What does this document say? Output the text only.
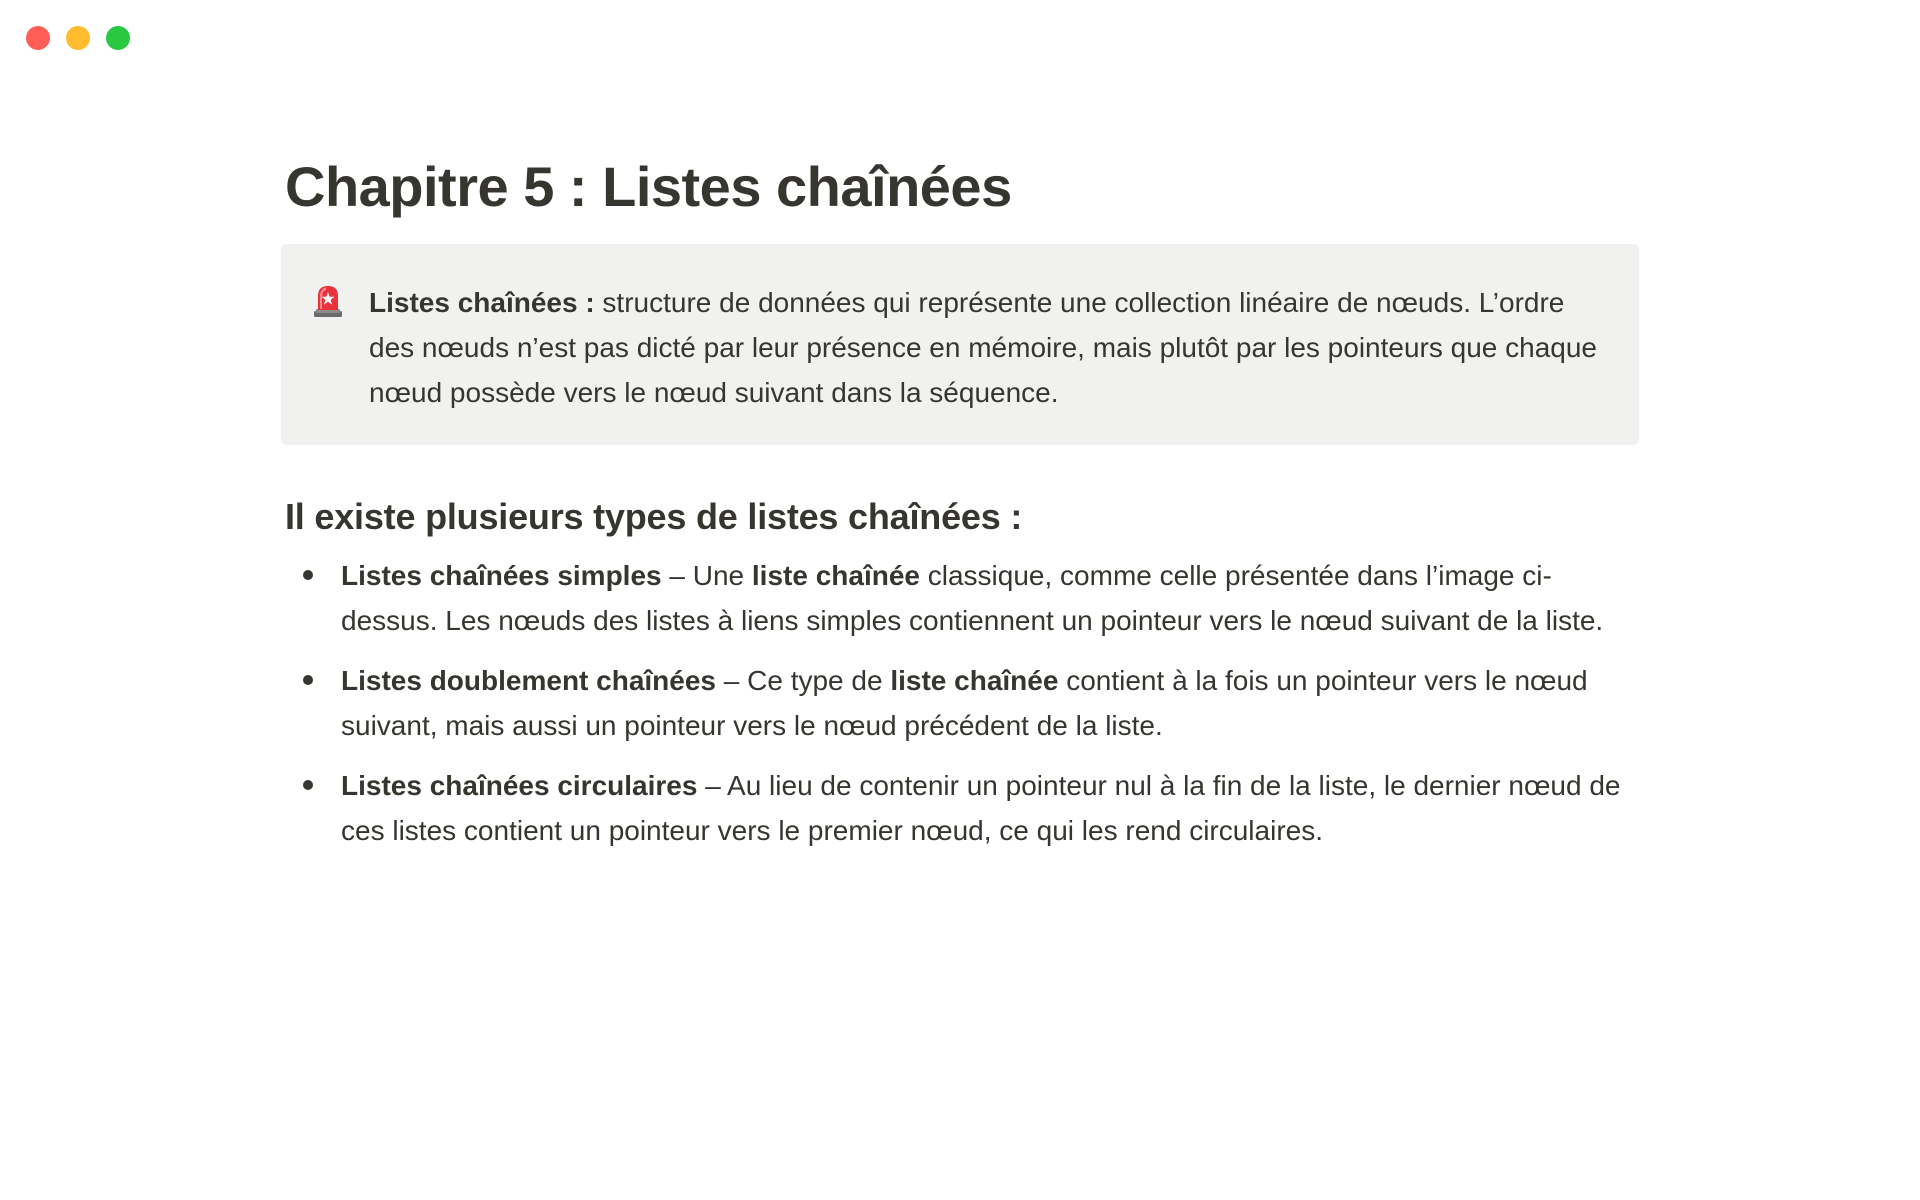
Chapitre 5 : Listes chaînées
Listes chaînées : structure de données qui représente une collection linéaire de nœuds. L’ordre des nœuds n’est pas dicté par leur présence en mémoire, mais plutôt par les pointeurs que chaque nœud possède vers le nœud suivant dans la séquence.
Il existe plusieurs types de listes chaînées :
Listes chaînées simples – Une liste chaînée classique, comme celle présentée dans l’image ci-dessus. Les nœuds des listes à liens simples contiennent un pointeur vers le nœud suivant de la liste.
Listes doublement chaînées – Ce type de liste chaînée contient à la fois un pointeur vers le nœud suivant, mais aussi un pointeur vers le nœud précédent de la liste.
Listes chaînées circulaires – Au lieu de contenir un pointeur nul à la fin de la liste, le dernier nœud de ces listes contient un pointeur vers le premier nœud, ce qui les rend circulaires.
